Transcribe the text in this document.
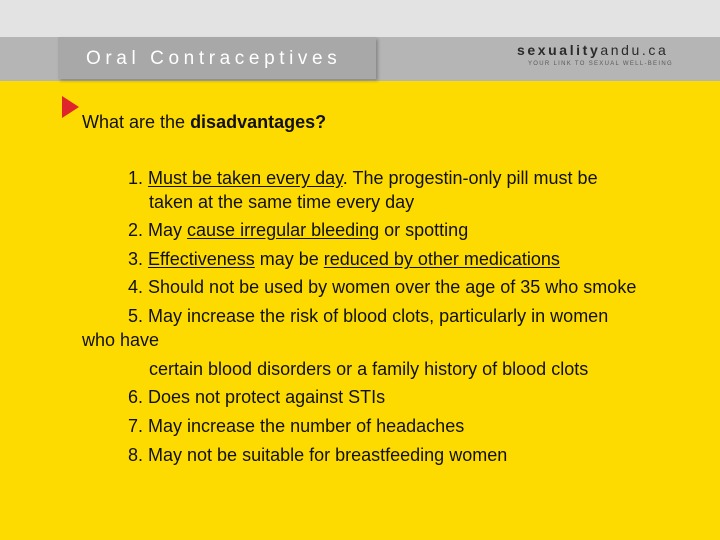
Oral Contraceptives	sexualityandu.ca
YOUR LINK TO SEXUAL WELL-BEING
What are the disadvantages?
1. Must be taken every day. The progestin-only pill must be
taken at the same time every day
2. May cause irregular bleeding or spotting
3. Effectiveness may be reduced by other medications
4. Should not be used by women over the age of 35 who smoke
5. May increase the risk of blood clots, particularly in women
who have
certain blood disorders or a family history of blood clots
6. Does not protect against STIs
7. May increase the number of headaches
8. May not be suitable for breastfeeding women
